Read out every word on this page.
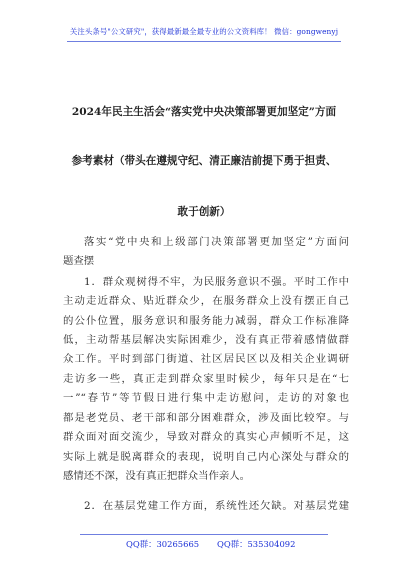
关注头条号"公文研究"，获得最新最全最专业的公文资料库！ 微信：gongwenyj
2024年民主生活会“落实党中央决策部署更加坚定”方面
参考素材（带头在遵规守纪、清正廉洁前提下勇于担责、
敢于创新）
落实“党中央和上级部门决策部署更加坚定”方面问
题查摆
1．群众观树得不牢，为民服务意识不强。平时工作中
主动走近群众、贴近群众少，在服务群众上没有摆正自己
的公仆位置，服务意识和服务能力减弱，群众工作标准降
低，主动帮基层解决实际困难少，没有真正带着感情做群
众工作。平时到部门街道、社区居民区以及相关企业调研
走访多一些，真正走到群众家里时候少，每年只是在“七
一”“春节”等节假日进行集中走访慰问，走访的对象也
都是老党员、老干部和部分困难群众，涉及面比较窄。与
群众面对面交流少，导致对群众的真实心声倾听不足，这
实际上就是脱离群众的表现，说明自己内心深处与群众的
感情还不深，没有真正把群众当作亲人。
2．在基层党建工作方面，系统性还欠缺。对基层党建
QQ群：30265665 QQ群：535304092
